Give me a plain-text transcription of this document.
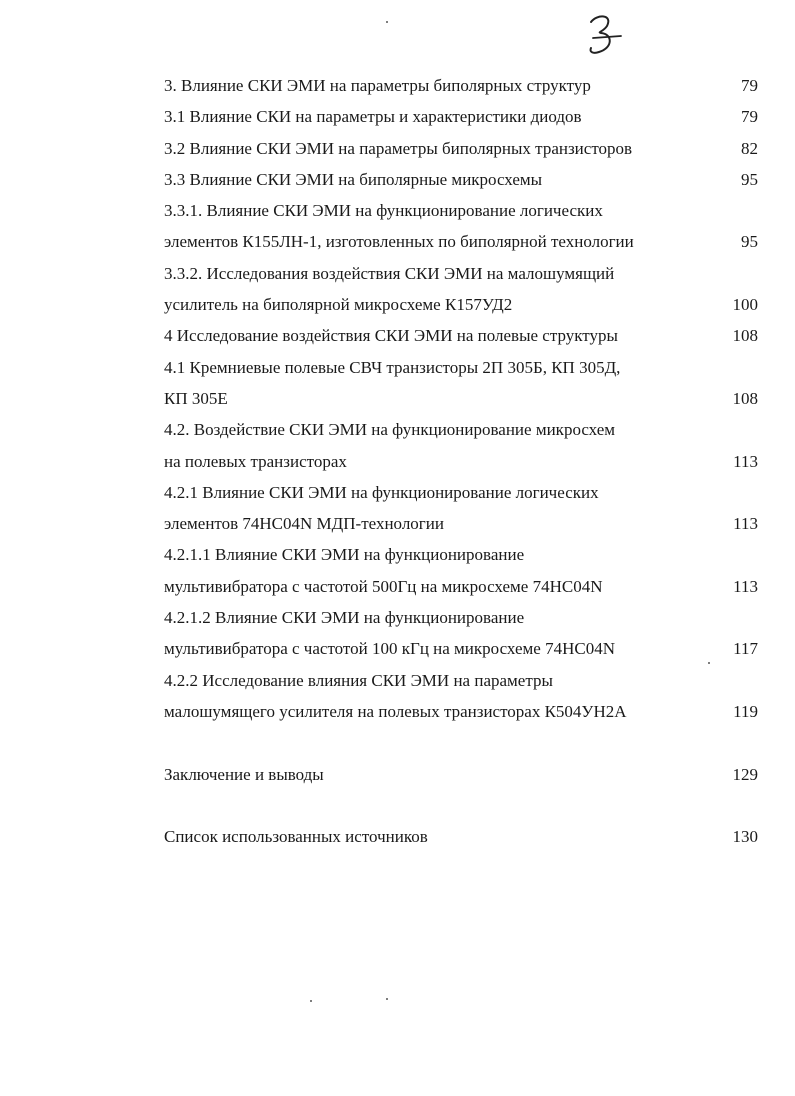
3. Влияние СКИ ЭМИ на параметры биполярных структур	79
3.1 Влияние СКИ на параметры и характеристики диодов	79
3.2 Влияние СКИ ЭМИ на параметры биполярных транзисторов	82
3.3 Влияние СКИ ЭМИ на биполярные микросхемы	95
3.3.1. Влияние СКИ ЭМИ на функционирование логических
элементов К155ЛН-1, изготовленных по биполярной технологии	95
3.3.2. Исследования воздействия СКИ ЭМИ на малошумящий
усилитель на биполярной микросхеме К157УД2	100
4 Исследование воздействия СКИ ЭМИ на полевые структуры	108
4.1 Кремниевые полевые СВЧ транзисторы 2П 305Б, КП 305Д,
КП 305Е	108
4.2. Воздействие СКИ ЭМИ на функционирование микросхем
на полевых транзисторах	113
4.2.1 Влияние СКИ ЭМИ на функционирование логических
элементов 74НС04N МДП-технологии	113
4.2.1.1 Влияние СКИ ЭМИ на функционирование
мультивибратора с частотой 500Гц на микросхеме 74НС04N	113
4.2.1.2 Влияние СКИ ЭМИ на функционирование
мультивибратора с частотой 100 кГц на микросхеме 74НС04N	117
4.2.2 Исследование влияния СКИ ЭМИ на параметры
малошумящего усилителя на полевых транзисторах К504УН2А	119
Заключение и выводы	129
Список использованных источников	130
